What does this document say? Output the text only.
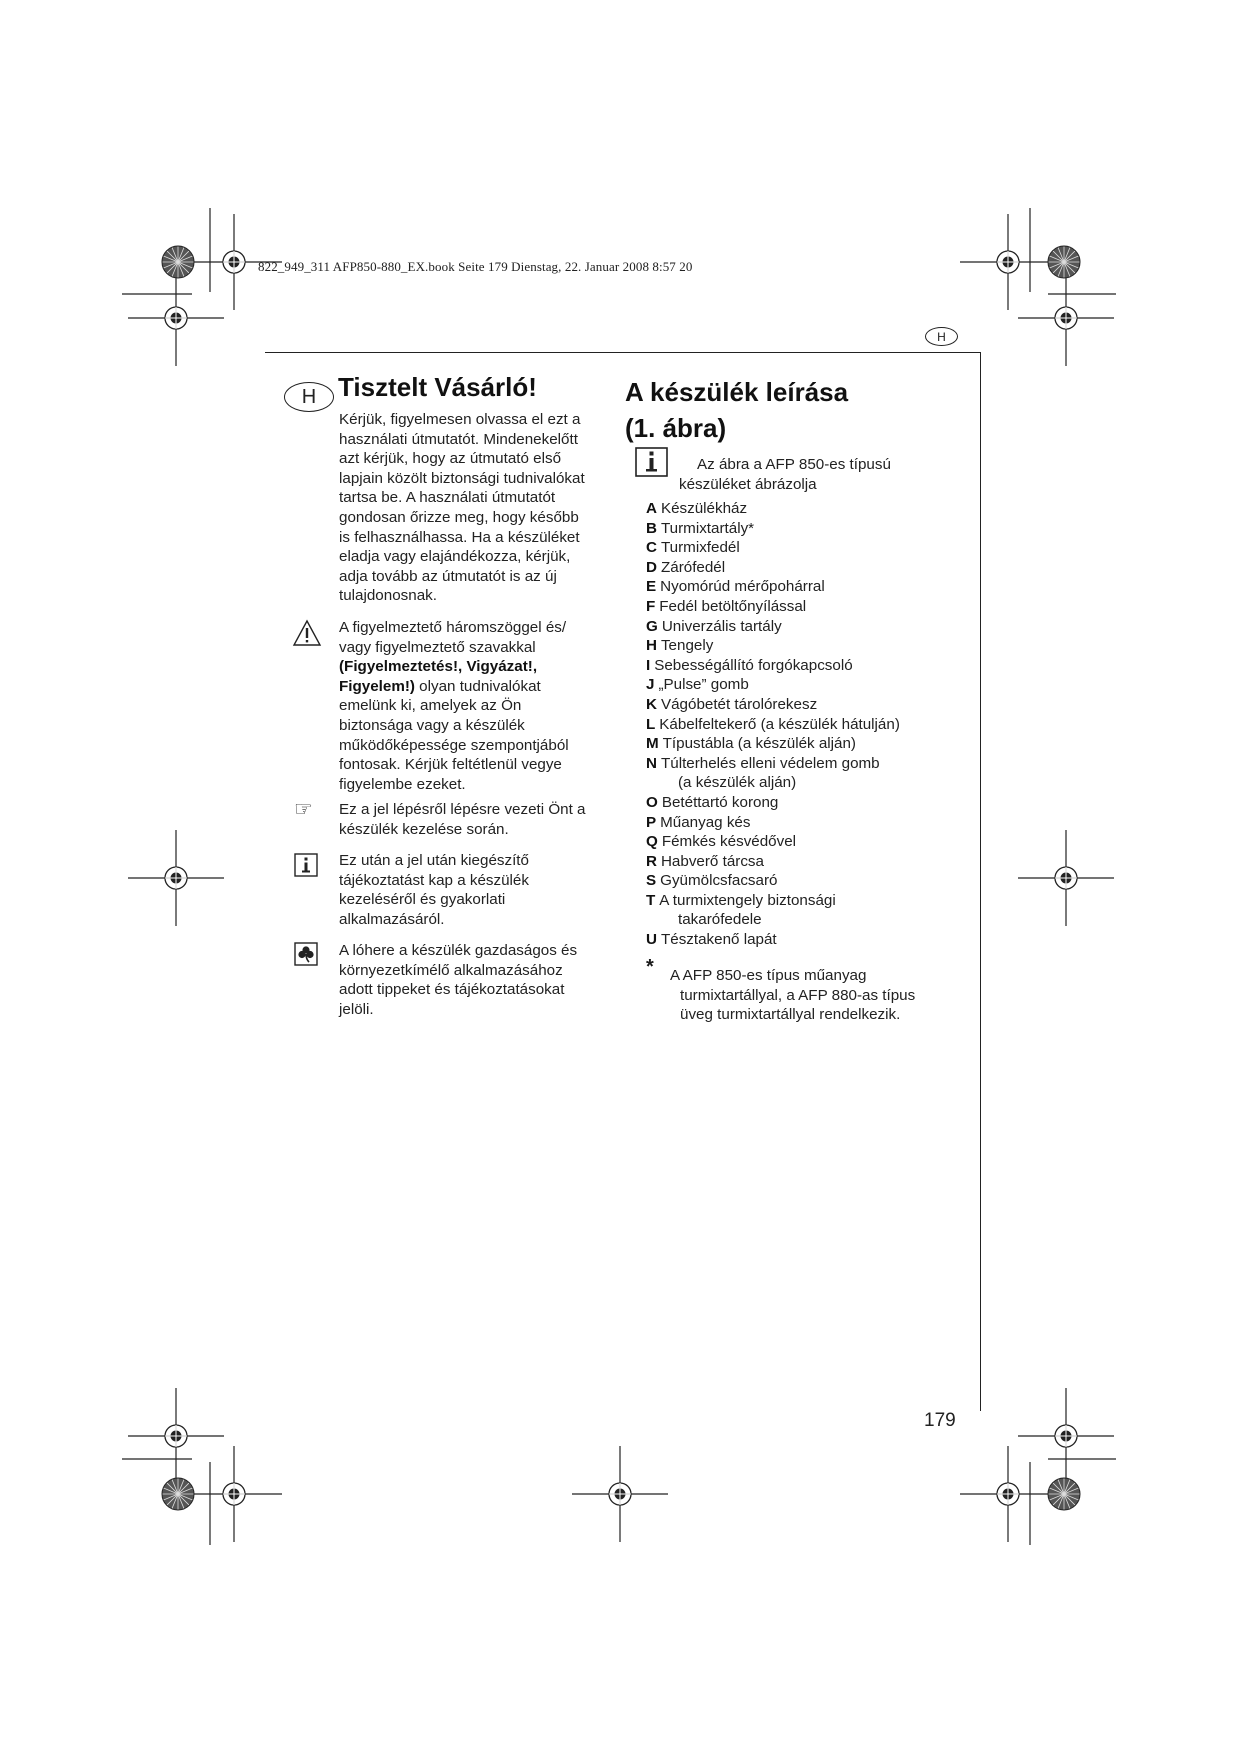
822_949_311 AFP850-880_EX.book Seite 179 Dienstag, 22. Januar 2008 8:57 20
H
H Tisztelt Vásárló!

Kérjük, figyelmesen olvassa el ezt a
használati útmutatót. Mindenekelőtt
azt kérjük, hogy az útmutató első
lapjain közölt biztonsági tudnivalókat
tartsa be. A használati útmutatót
gondosan őrizze meg, hogy később
is felhasználhassa. Ha a készüléket
eladja vagy elajándékozza, kérjük,
adja tovább az útmutatót is az új
tulajdonosnak.

A figyelmeztető háromszöggel és/
vagy figyelmeztető szavakkal
(Figyelmeztetés!, Vigyázat!,
Figyelem!) olyan tudnivalókat
emelünk ki, amelyek az Ön
biztonsága vagy a készülék
működőképessége szempontjából
fontosak. Kérjük feltétlenül vegye
figyelembe ezeket.

☞ Ez a jel lépésről lépésre vezeti Önt a
készülék kezelése során.

Ez után a jel után kiegészítő
tájékoztatást kap a készülék
kezeléséről és gyakorlati
alkalmazásáról.

A lóhere a készülék gazdaságos és
környezetkímélő alkalmazásához
adott tippeket és tájékoztatásokat
jelöli.

A készülék leírása
(1. ábra)

Az ábra a AFP 850-es típusú
készüléket ábrázolja

A Készülékház
B Turmixtartály*
C Turmixfedél
D Zárófedél
E Nyomórúd mérőpohárral
F Fedél betöltőnyílással
G Univerzális tartály
H Tengely
I Sebességállító forgókapcsoló
J „Pulse” gomb
K Vágóbetét tárolórekesz
L Kábelfeltekerő (a készülék hátulján)
M Típustábla (a készülék alján)
N Túlterhelés elleni védelem gomb
(a készülék alján)
O Betéttartó korong
P Műanyag kés
Q Fémkés késvédővel
R Habverő tárcsa
S Gyümölcsfacsaró
T A turmixtengely biztonsági
takarófedele
U Tésztakenő lapát
* A AFP 850-es típus műanyag
turmixtartállyal, a AFP 880-as típus
üveg turmixtartállyal rendelkezik.

179
